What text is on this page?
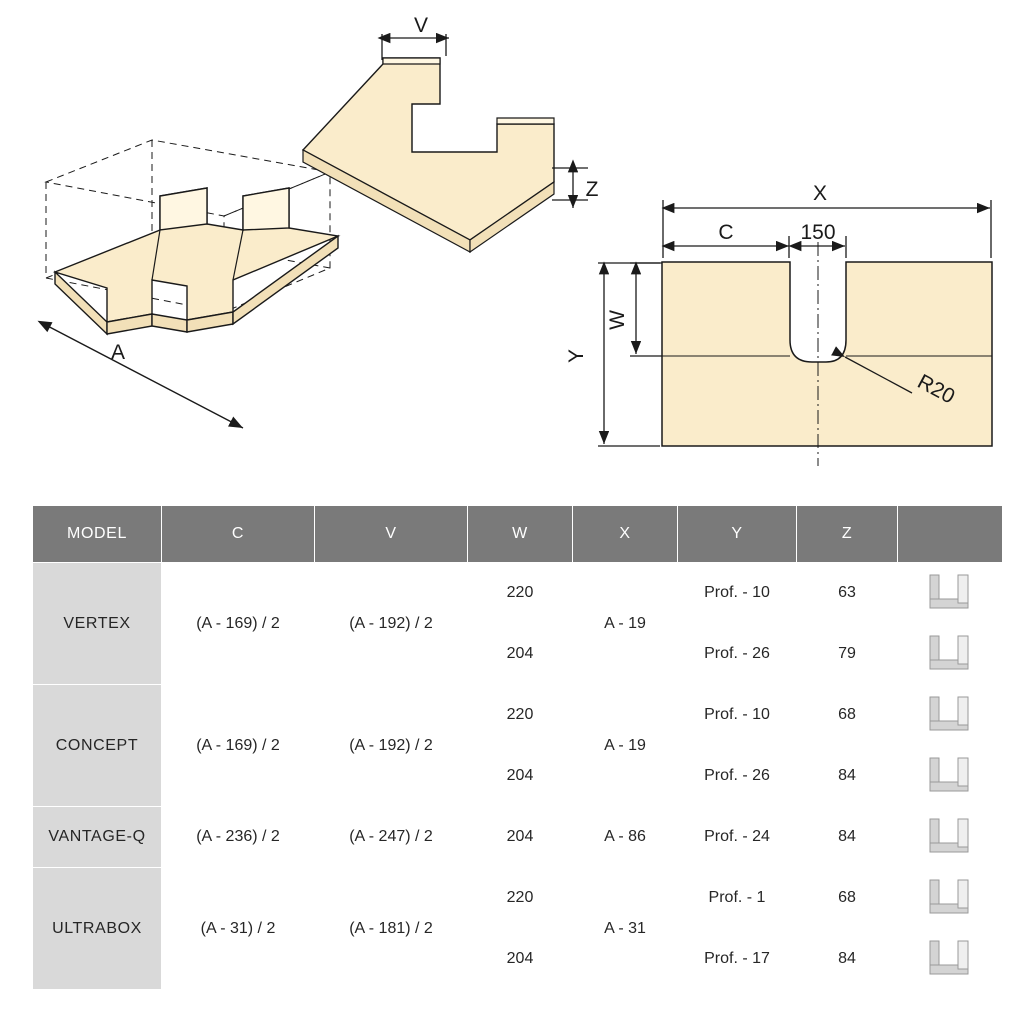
A
V
Z	X
C	150
W
Y
R20
MODEL	C	V	W	X	Y	Z	
VERTEX	(A - 169) / 2	(A - 192) / 2	220	A - 19	Prof. - 10	63	

			204		Prof. - 26	79	

CONCEPT	(A - 169) / 2	(A - 192) / 2	220	A - 19	Prof. - 10	68	

			204		Prof. - 26	84	

VANTAGE-Q	(A - 236) / 2	(A - 247) / 2	204	A - 86	Prof. - 24	84	

ULTRABOX	(A - 31) / 2	(A - 181) / 2	220	A - 31	Prof. - 1	68	

			204		Prof. - 17	84	
